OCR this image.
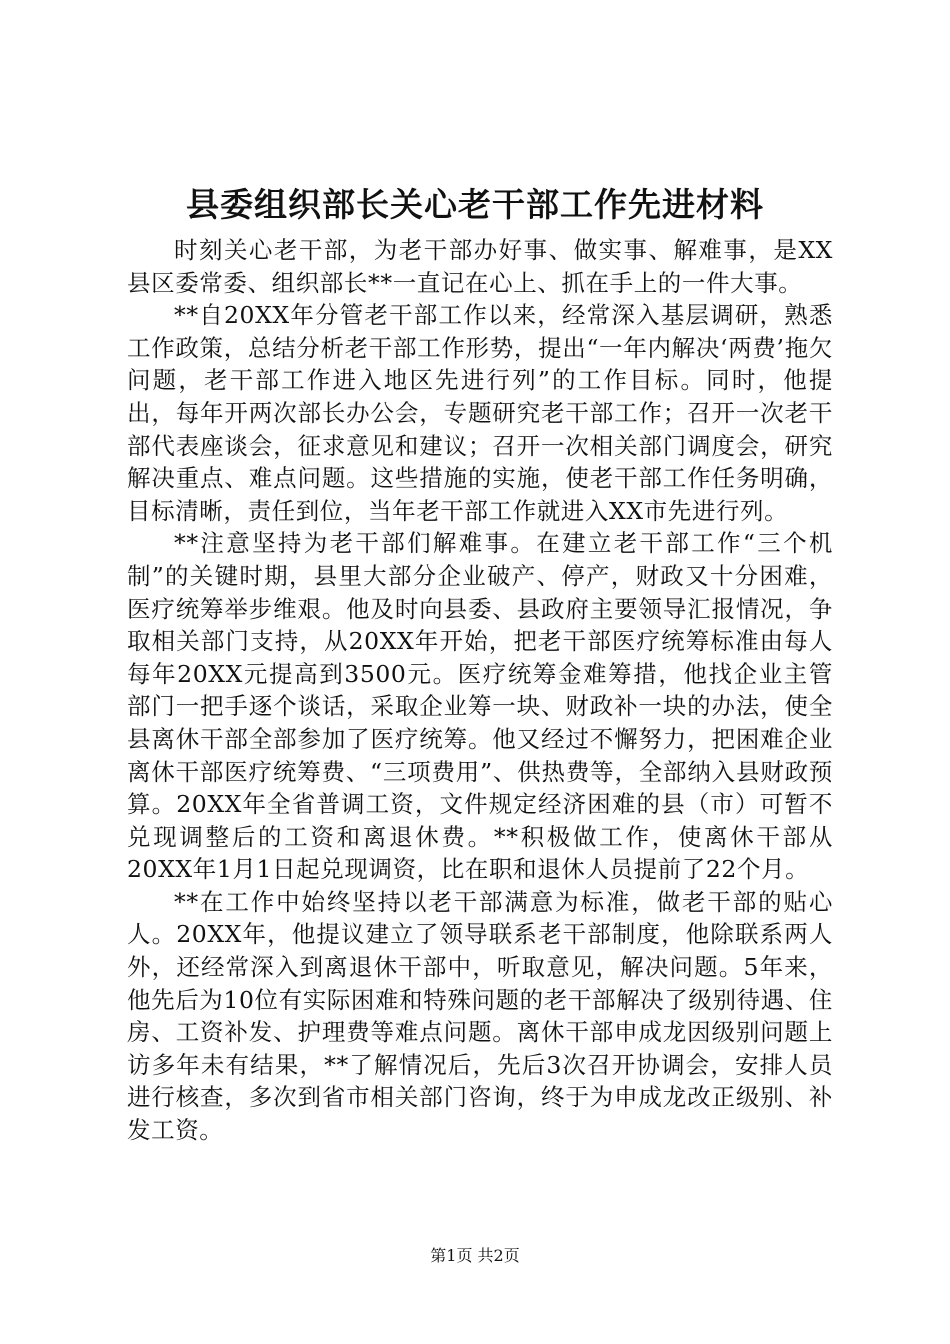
县委组织部长关心老干部工作先进材料

时刻关心老干部，为老干部办好事、做实事、解难事，是XX县区委常委、组织部长**一直记在心上、抓在手上的一件大事。

**自20XX年分管老干部工作以来，经常深入基层调研，熟悉工作政策，总结分析老干部工作形势，提出“一年内解决‘两费’拖欠问题，老干部工作进入地区先进行列”的工作目标。同时，他提出，每年开两次部长办公会，专题研究老干部工作；召开一次老干部代表座谈会，征求意见和建议；召开一次相关部门调度会，研究解决重点、难点问题。这些措施的实施，使老干部工作任务明确，目标清晰，责任到位，当年老干部工作就进入XX市先进行列。

**注意坚持为老干部们解难事。在建立老干部工作“三个机制”的关键时期，县里大部分企业破产、停产，财政又十分困难，医疗统筹举步维艰。他及时向县委、县政府主要领导汇报情况，争取相关部门支持，从20XX年开始，把老干部医疗统筹标准由每人每年20XX元提高到3500元。医疗统筹金难筹措，他找企业主管部门一把手逐个谈话，采取企业筹一块、财政补一块的办法，使全县离休干部全部参加了医疗统筹。他又经过不懈努力，把困难企业离休干部医疗统筹费、“三项费用”、供热费等，全部纳入县财政预算。20XX年全省普调工资，文件规定经济困难的县（市）可暂不兑现调整后的工资和离退休费。**积极做工作，使离休干部从20XX年1月1日起兑现调资，比在职和退休人员提前了22个月。

**在工作中始终坚持以老干部满意为标准，做老干部的贴心人。20XX年，他提议建立了领导联系老干部制度，他除联系两人外，还经常深入到离退休干部中，听取意见，解决问题。5年来，他先后为10位有实际困难和特殊问题的老干部解决了级别待遇、住房、工资补发、护理费等难点问题。离休干部申成龙因级别问题上访多年未有结果，**了解情况后，先后3次召开协调会，安排人员进行核查，多次到省市相关部门咨询，终于为申成龙改正级别、补发工资。

第1页 共2页
